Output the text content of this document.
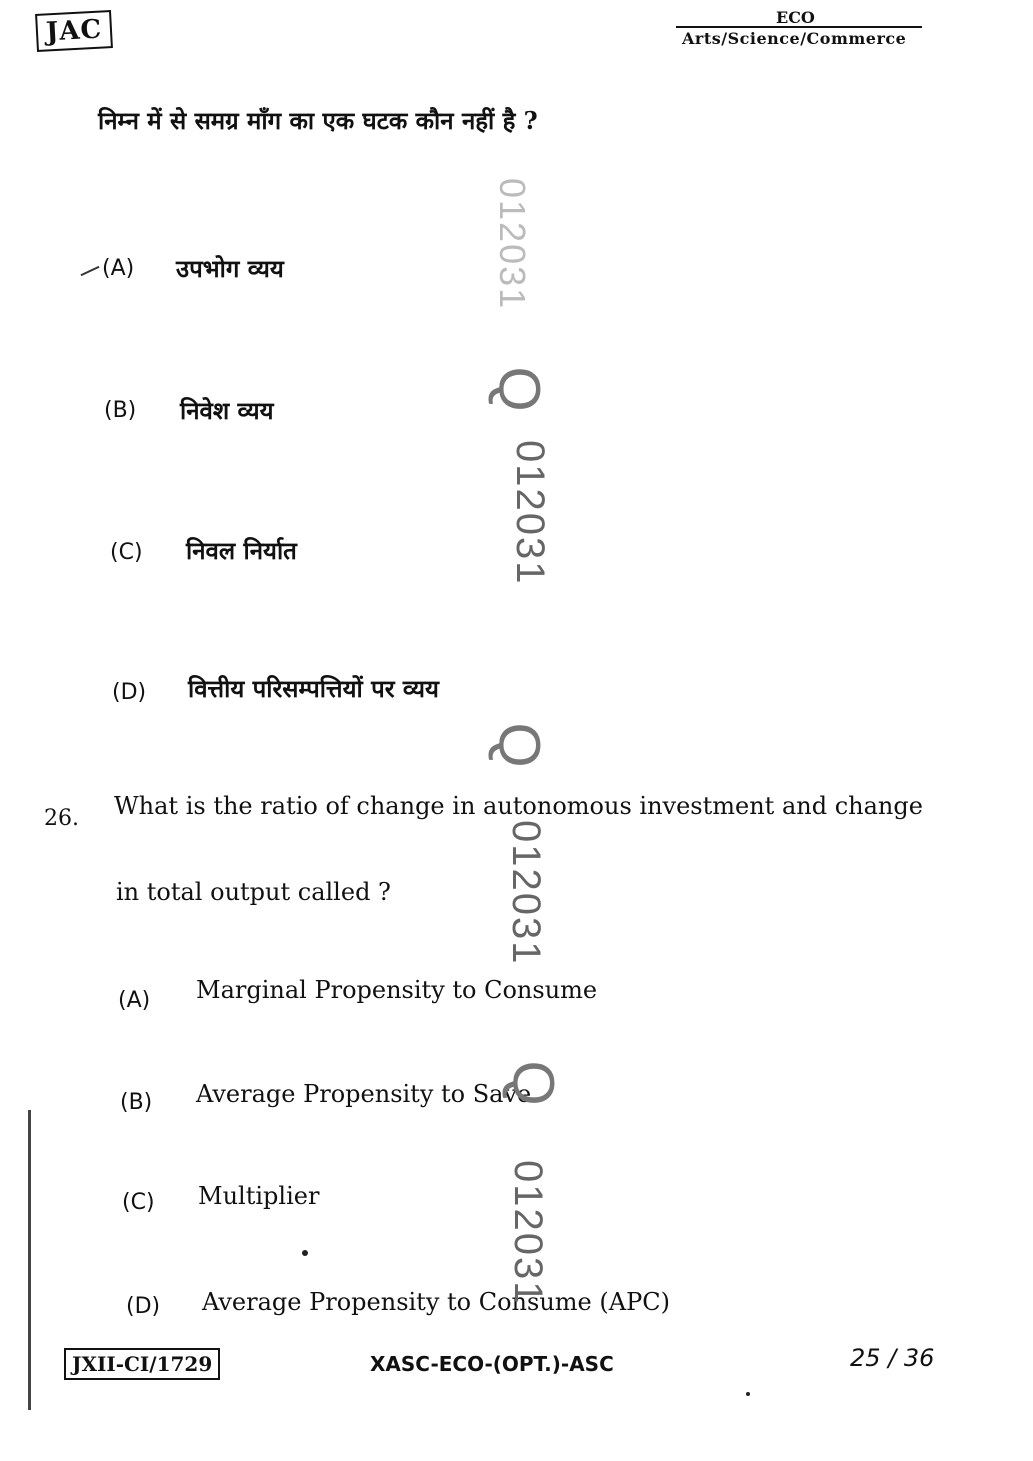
JAC	ECO
Arts/Science/Commerce
निम्न में से समग्र माँग का एक घटक कौन नहीं है ?
(A) उपभोग व्यय
(B) निवेश व्यय
(C) निवल निर्यात
(D) वित्तीय परिसम्पत्तियों पर व्यय
26. What is the ratio of change in autonomous investment and change
in total output called ?
(A) Marginal Propensity to Consume
(B) Average Propensity to Save
(C) Multiplier
(D) Average Propensity to Consume (APC)
012031
Q
012031
Q
012031
Q
012031
JXII-CI/1729	XASC-ECO-(OPT.)-ASC	25 / 36
